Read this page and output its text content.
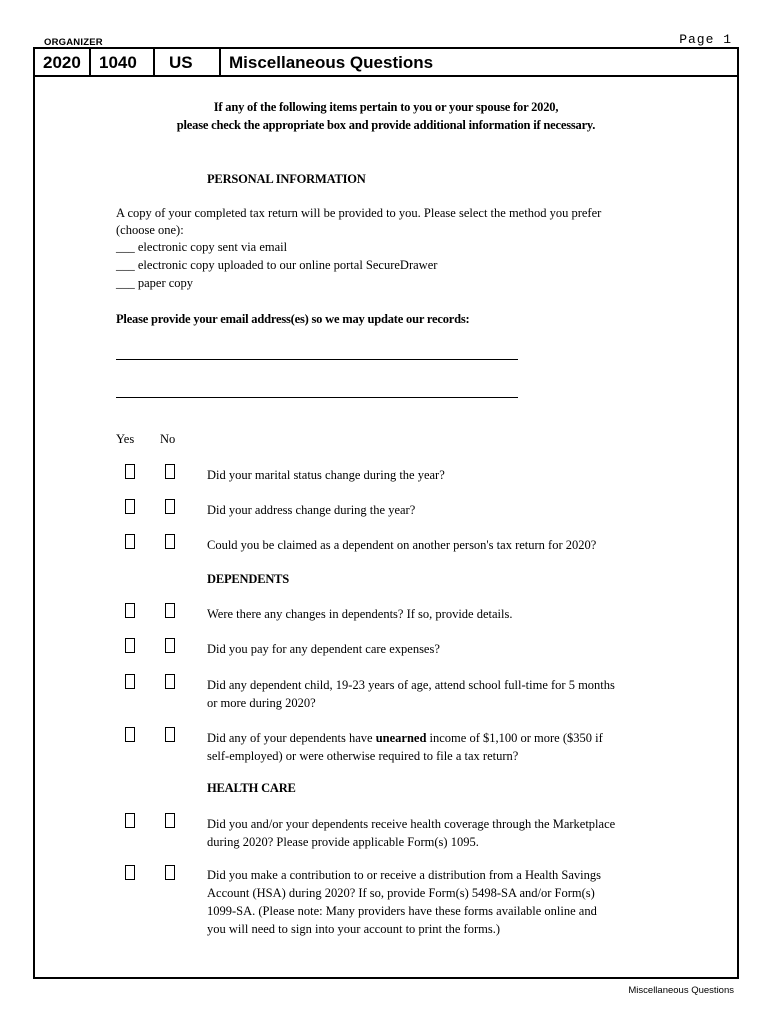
ORGANIZER	Page 1
2020	1040	US	Miscellaneous Questions
If any of the following items pertain to you or your spouse for 2020,
please check the appropriate box and provide additional information if necessary.
PERSONAL INFORMATION
A copy of your completed tax return will be provided to you. Please select the method you prefer
(choose one):
___ electronic copy sent via email
___ electronic copy uploaded to our online portal SecureDrawer
___ paper copy
Please provide your email address(es) so we may update our records:
Yes No
Did your marital status change during the year?
Did your address change during the year?
Could you be claimed as a dependent on another person's tax return for 2020?
DEPENDENTS
Were there any changes in dependents? If so, provide details.
Did you pay for any dependent care expenses?
Did any dependent child, 19-23 years of age, attend school full-time for 5 months
or more during 2020?
Did any of your dependents have unearned income of $1,100 or more ($350 if
self-employed) or were otherwise required to file a tax return?
HEALTH CARE
Did you and/or your dependents receive health coverage through the Marketplace
during 2020? Please provide applicable Form(s) 1095.
Did you make a contribution to or receive a distribution from a Health Savings
Account (HSA) during 2020? If so, provide Form(s) 5498-SA and/or Form(s)
1099-SA. (Please note: Many providers have these forms available online and
you will need to sign into your account to print the forms.)
Miscellaneous Questions
